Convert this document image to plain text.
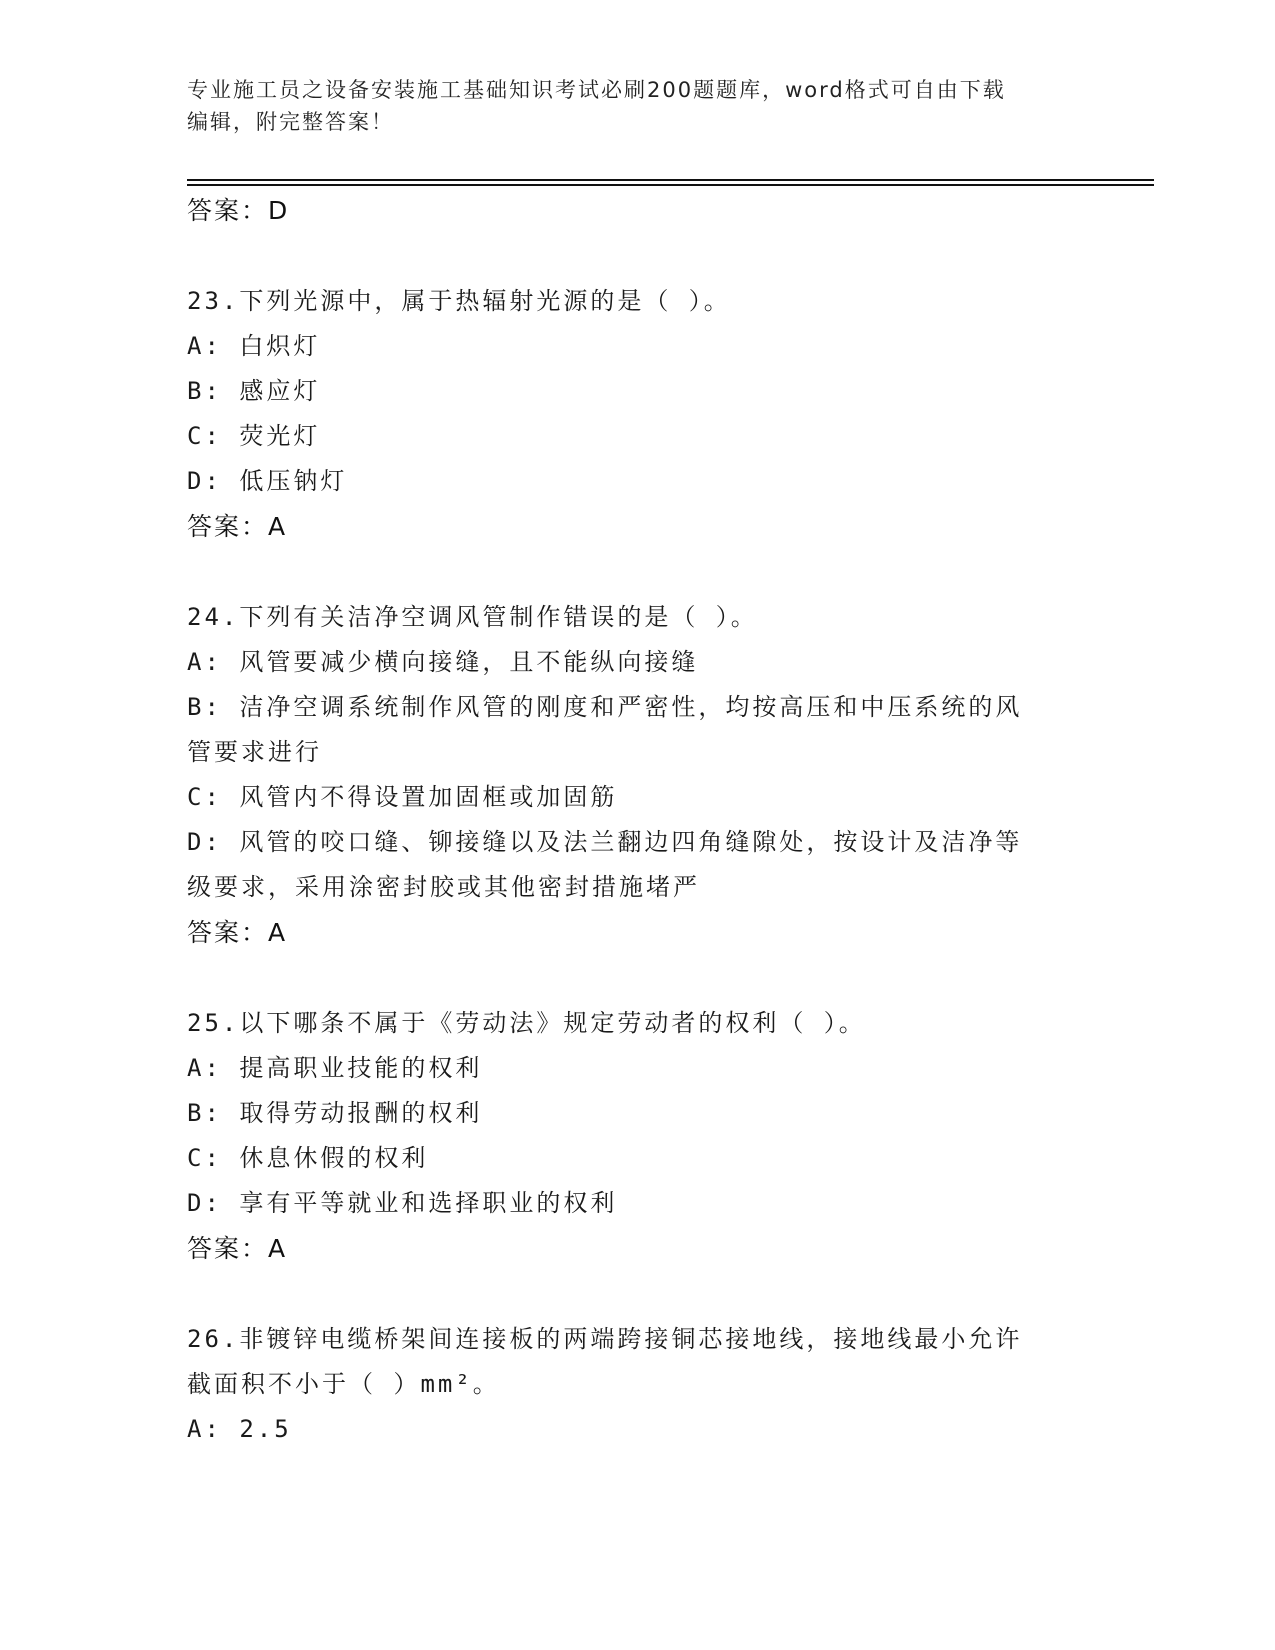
专业施工员之设备安装施工基础知识考试必刷200题题库，word格式可自由下载
编辑，附完整答案！
答案：D
23.下列光源中，属于热辐射光源的是（ ）。
A: 白炽灯
B: 感应灯
C: 荧光灯
D: 低压钠灯
答案：A
24.下列有关洁净空调风管制作错误的是（ ）。
A: 风管要减少横向接缝，且不能纵向接缝
B: 洁净空调系统制作风管的刚度和严密性，均按高压和中压系统的风
管要求进行
C: 风管内不得设置加固框或加固筋
D: 风管的咬口缝、铆接缝以及法兰翻边四角缝隙处，按设计及洁净等
级要求，采用涂密封胶或其他密封措施堵严
答案：A
25.以下哪条不属于《劳动法》规定劳动者的权利（ ）。
A: 提高职业技能的权利
B: 取得劳动报酬的权利
C: 休息休假的权利
D: 享有平等就业和选择职业的权利
答案：A
26.非镀锌电缆桥架间连接板的两端跨接铜芯接地线，接地线最小允许
截面积不小于（ ）mm²。
A: 2.5
